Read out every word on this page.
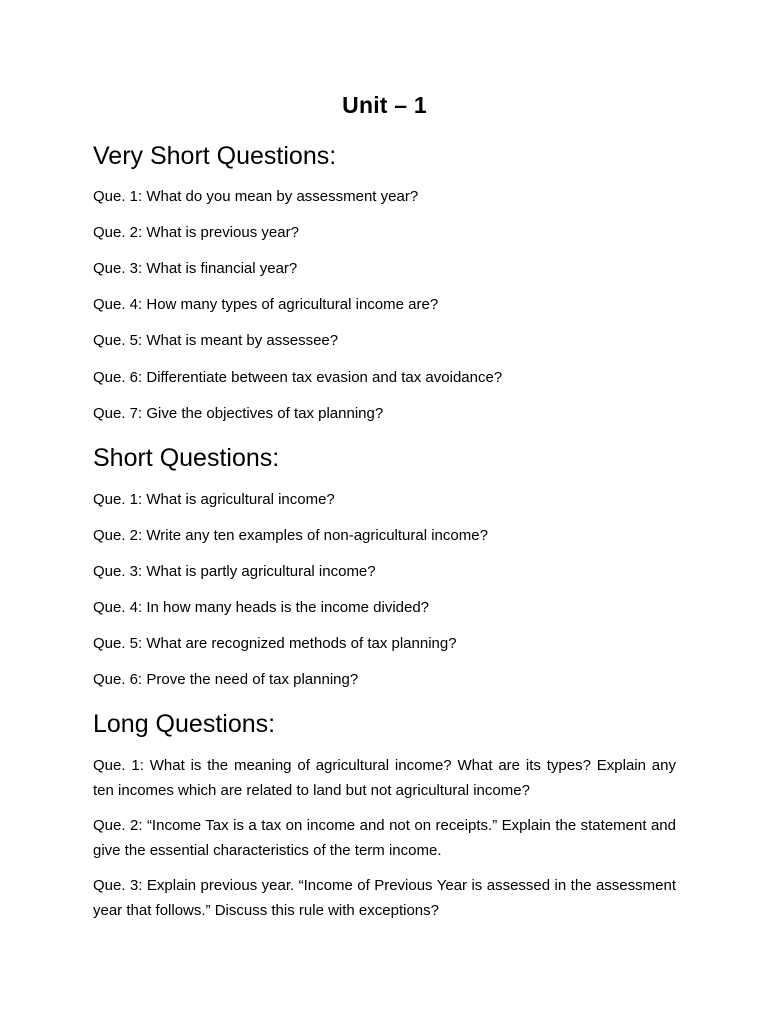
Unit – 1
Very Short Questions:
Que. 1: What do you mean by assessment year?
Que. 2: What is previous year?
Que. 3: What is financial year?
Que. 4: How many types of agricultural income are?
Que. 5: What is meant by assessee?
Que. 6: Differentiate between tax evasion and tax avoidance?
Que. 7: Give the objectives of tax planning?
Short Questions:
Que. 1: What is agricultural income?
Que. 2: Write any ten examples of non-agricultural income?
Que. 3: What is partly agricultural income?
Que. 4: In how many heads is the income divided?
Que. 5: What are recognized methods of tax planning?
Que. 6: Prove the need of tax planning?
Long Questions:
Que. 1: What is the meaning of agricultural income? What are its types? Explain any ten incomes which are related to land but not agricultural income?
Que. 2: “Income Tax is a tax on income and not on receipts.” Explain the statement and give the essential characteristics of the term income.
Que. 3: Explain previous year. “Income of Previous Year is assessed in the assessment year that follows.” Discuss this rule with exceptions?
